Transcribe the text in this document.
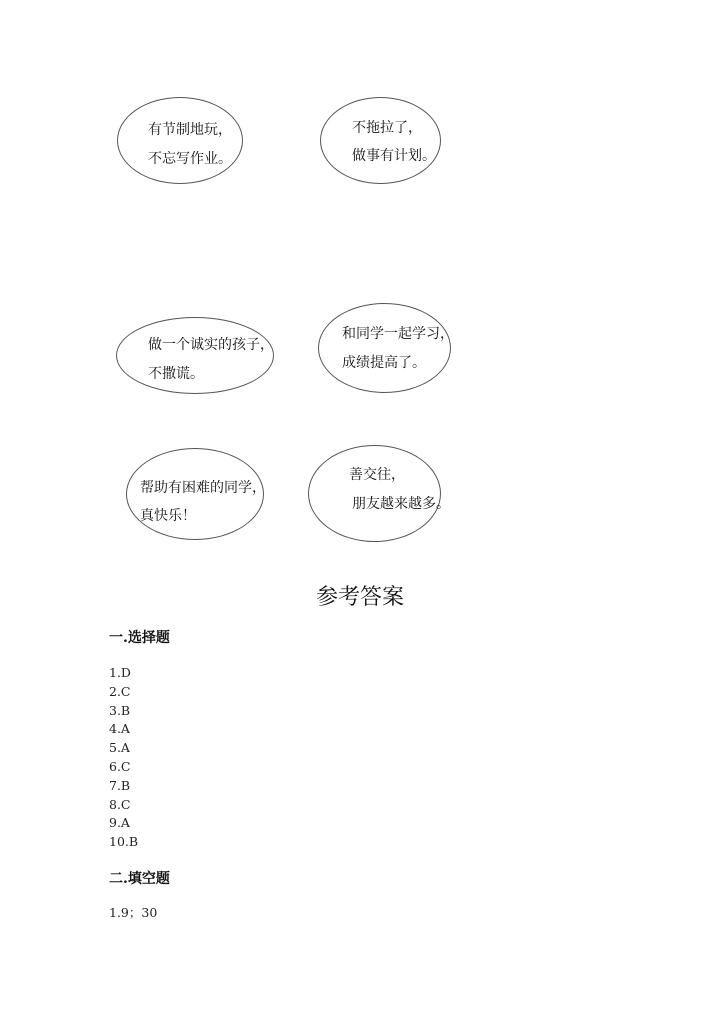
有节制地玩，
不忘写作业。
不拖拉了，
做事有计划。
做一个诚实的孩子，
不撒谎。
和同学一起学习，
成绩提高了。
帮助有困难的同学，
真快乐！
善交往，
朋友越来越多。
参考答案
一.选择题
1.D
2.C
3.B
4.A
5.A
6.C
7.B
8.C
9.A
10.B
二.填空题
1.9；30
